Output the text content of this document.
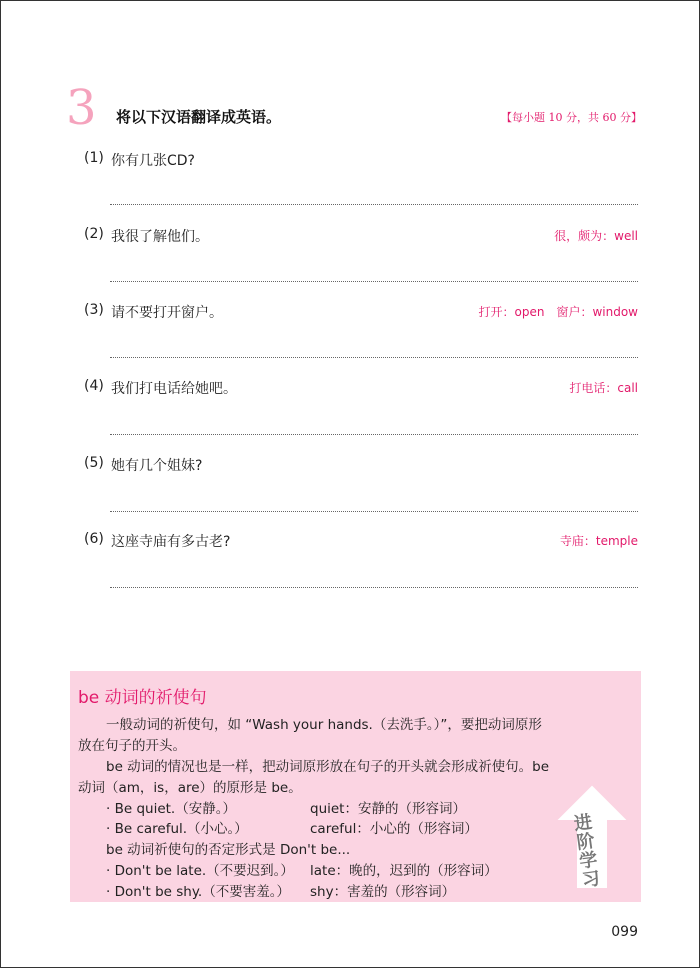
3 将以下汉语翻译成英语。	【每小题 10 分，共 60 分】
(1) 你有几张CD?
(2) 我很了解他们。	很，颇为：well
(3) 请不要打开窗户。	打开：open　窗户：window
(4) 我们打电话给她吧。	打电话：call
(5) 她有几个姐妹?
(6) 这座寺庙有多古老?	寺庙：temple
be 动词的祈使句
一般动词的祈使句，如 “Wash your hands.（去洗手。）”，要把动词原形
放在句子的开头。
be 动词的情况也是一样，把动词原形放在句子的开头就会形成祈使句。be
动词（am，is，are）的原形是 be。
· Be quiet.（安静。）	quiet：安静的（形容词）
· Be careful.（小心。）	careful：小心的（形容词）
be 动词祈使句的否定形式是 Don't be...
· Don't be late.（不要迟到。） late：晚的，迟到的（形容词）
· Don't be shy.（不要害羞。） shy：害羞的（形容词）
进阶学习
099
